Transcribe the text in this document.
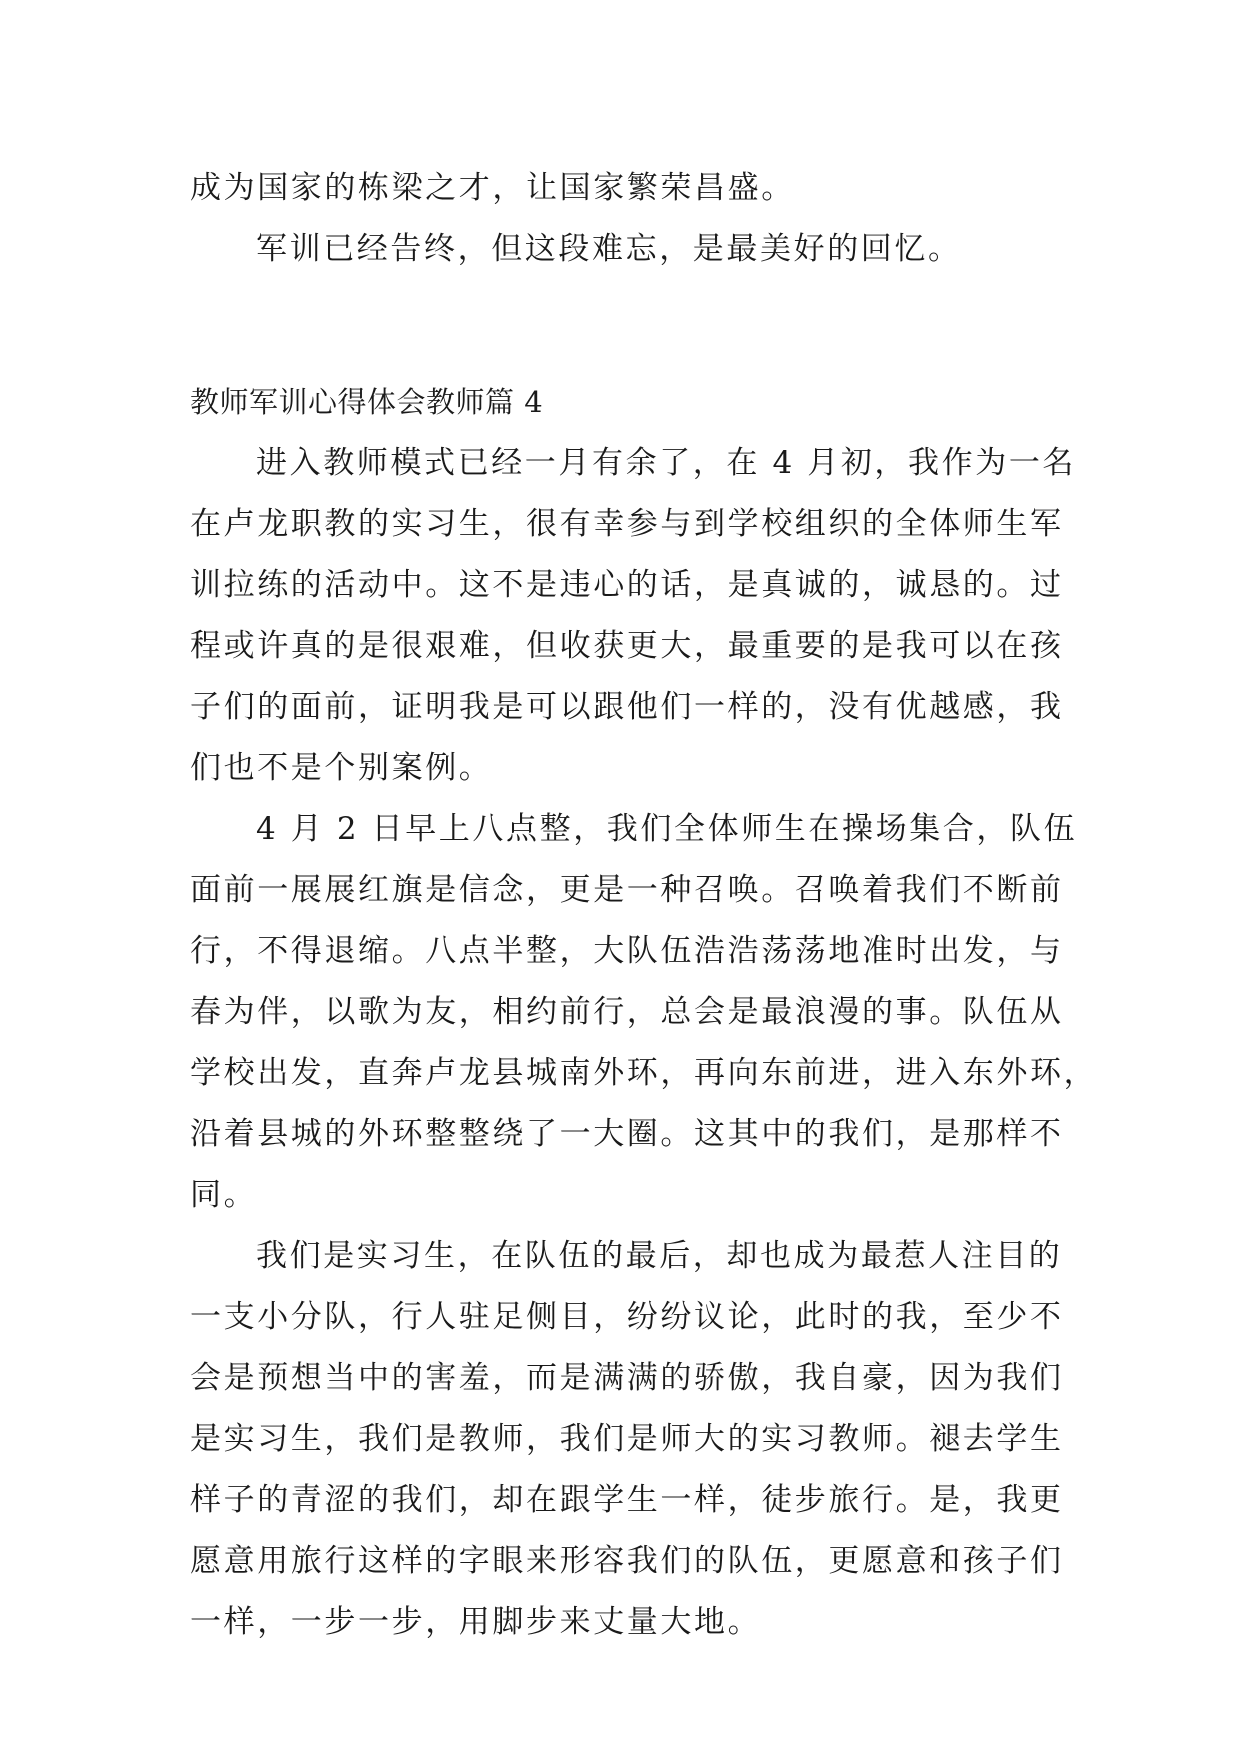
成为国家的栋梁之才，让国家繁荣昌盛。
军训已经告终，但这段难忘，是最美好的回忆。
教师军训心得体会教师篇 4
进入教师模式已经一月有余了，在 4 月初，我作为一名
在卢龙职教的实习生，很有幸参与到学校组织的全体师生军
训拉练的活动中。这不是违心的话，是真诚的，诚恳的。过
程或许真的是很艰难，但收获更大，最重要的是我可以在孩
子们的面前，证明我是可以跟他们一样的，没有优越感，我
们也不是个别案例。
4 月 2 日早上八点整，我们全体师生在操场集合，队伍
面前一展展红旗是信念，更是一种召唤。召唤着我们不断前
行，不得退缩。八点半整，大队伍浩浩荡荡地准时出发，与
春为伴，以歌为友，相约前行，总会是最浪漫的事。队伍从
学校出发，直奔卢龙县城南外环，再向东前进，进入东外环，
沿着县城的外环整整绕了一大圈。这其中的我们，是那样不
同。
我们是实习生，在队伍的最后，却也成为最惹人注目的
一支小分队，行人驻足侧目，纷纷议论，此时的我，至少不
会是预想当中的害羞，而是满满的骄傲，我自豪，因为我们
是实习生，我们是教师，我们是师大的实习教师。褪去学生
样子的青涩的我们，却在跟学生一样，徒步旅行。是，我更
愿意用旅行这样的字眼来形容我们的队伍，更愿意和孩子们
一样，一步一步，用脚步来丈量大地。
